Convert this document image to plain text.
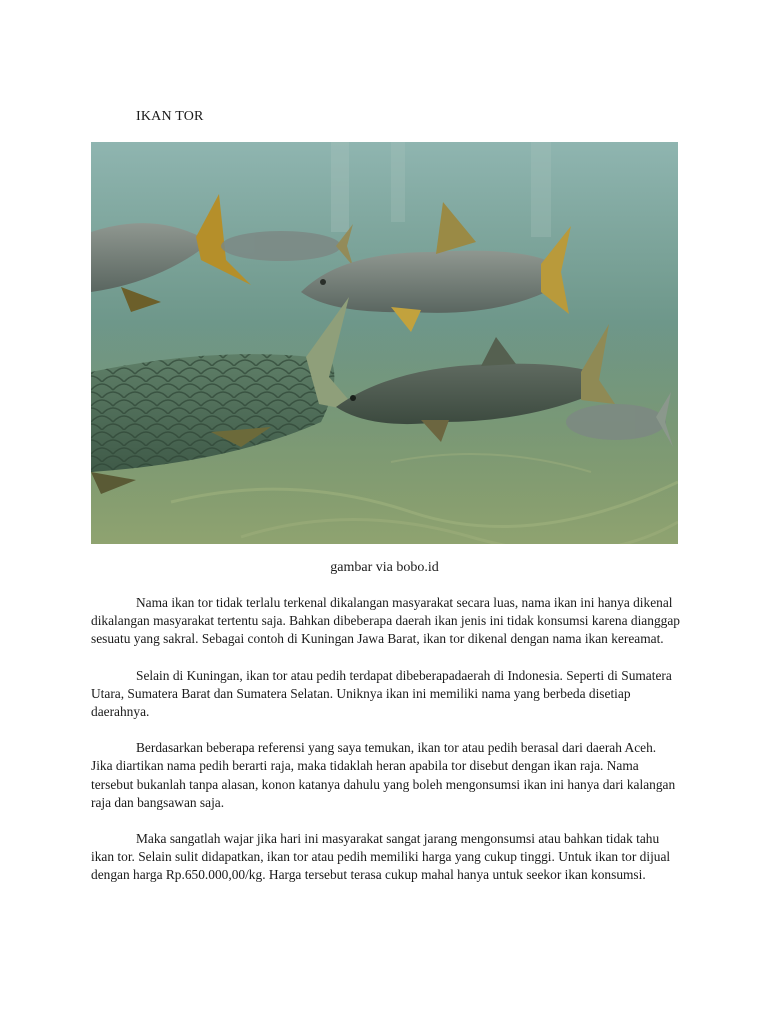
IKAN TOR
gambar via bobo.id

Nama ikan tor tidak terlalu terkenal dikalangan masyarakat secara luas, nama ikan ini hanya dikenal dikalangan masyarakat tertentu saja. Bahkan dibeberapa daerah ikan jenis ini tidak konsumsi karena dianggap sesuatu yang sakral. Sebagai contoh di Kuningan Jawa Barat, ikan tor dikenal dengan nama ikan kereamat.

Selain di Kuningan, ikan tor atau pedih terdapat dibeberapadaerah di Indonesia. Seperti di Sumatera Utara, Sumatera Barat dan Sumatera Selatan. Uniknya ikan ini memiliki nama yang berbeda disetiap daerahnya.

Berdasarkan beberapa referensi yang saya temukan, ikan tor atau pedih berasal dari daerah Aceh. Jika diartikan nama pedih berarti raja, maka tidaklah heran apabila tor disebut dengan ikan raja. Nama tersebut bukanlah tanpa alasan, konon katanya dahulu yang boleh mengonsumsi ikan ini hanya dari kalangan raja dan bangsawan saja.

Maka sangatlah wajar jika hari ini masyarakat sangat jarang mengonsumsi atau bahkan tidak tahu ikan tor. Selain sulit didapatkan, ikan tor atau pedih memiliki harga yang cukup tinggi. Untuk ikan tor dijual dengan harga Rp.650.000,00/kg. Harga tersebut terasa cukup mahal hanya untuk seekor ikan konsumsi.
